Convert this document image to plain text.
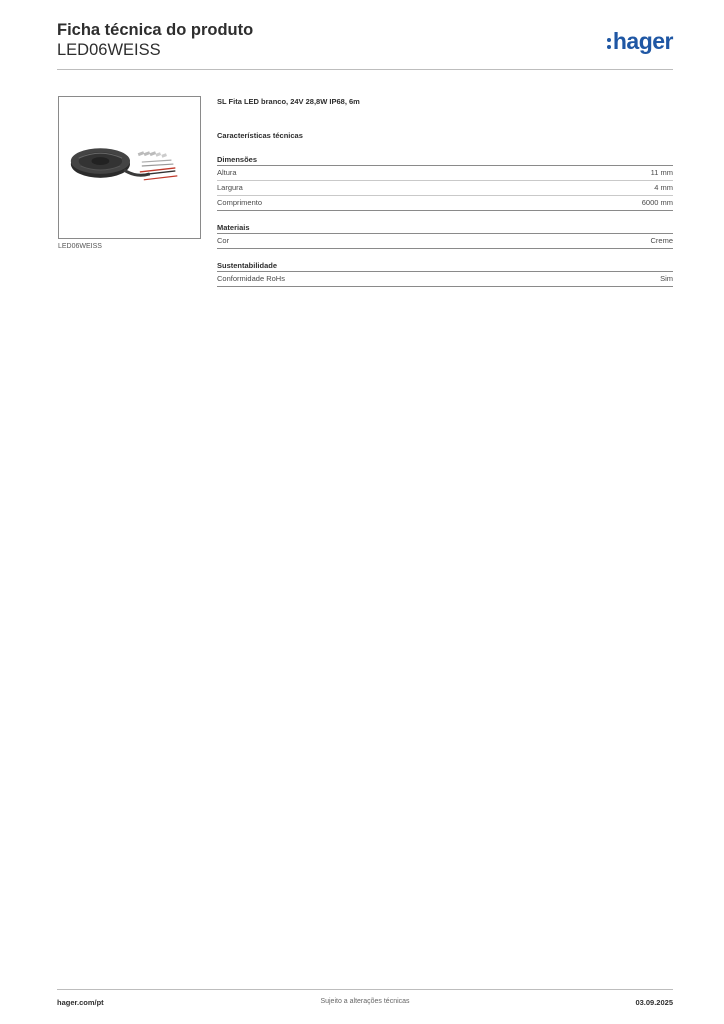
Ficha técnica do produto
LED06WEISS	hager
LED06WEISS
SL Fita LED branco, 24V 28,8W IP68, 6m
Características técnicas
Dimensões
Altura	11 mm
Largura	4 mm
Comprimento	6000 mm
Materiais
Cor	Creme
Sustentabilidade
Conformidade RoHs	Sim
hager.com/pt	Sujeito a alterações técnicas	03.09.2025
